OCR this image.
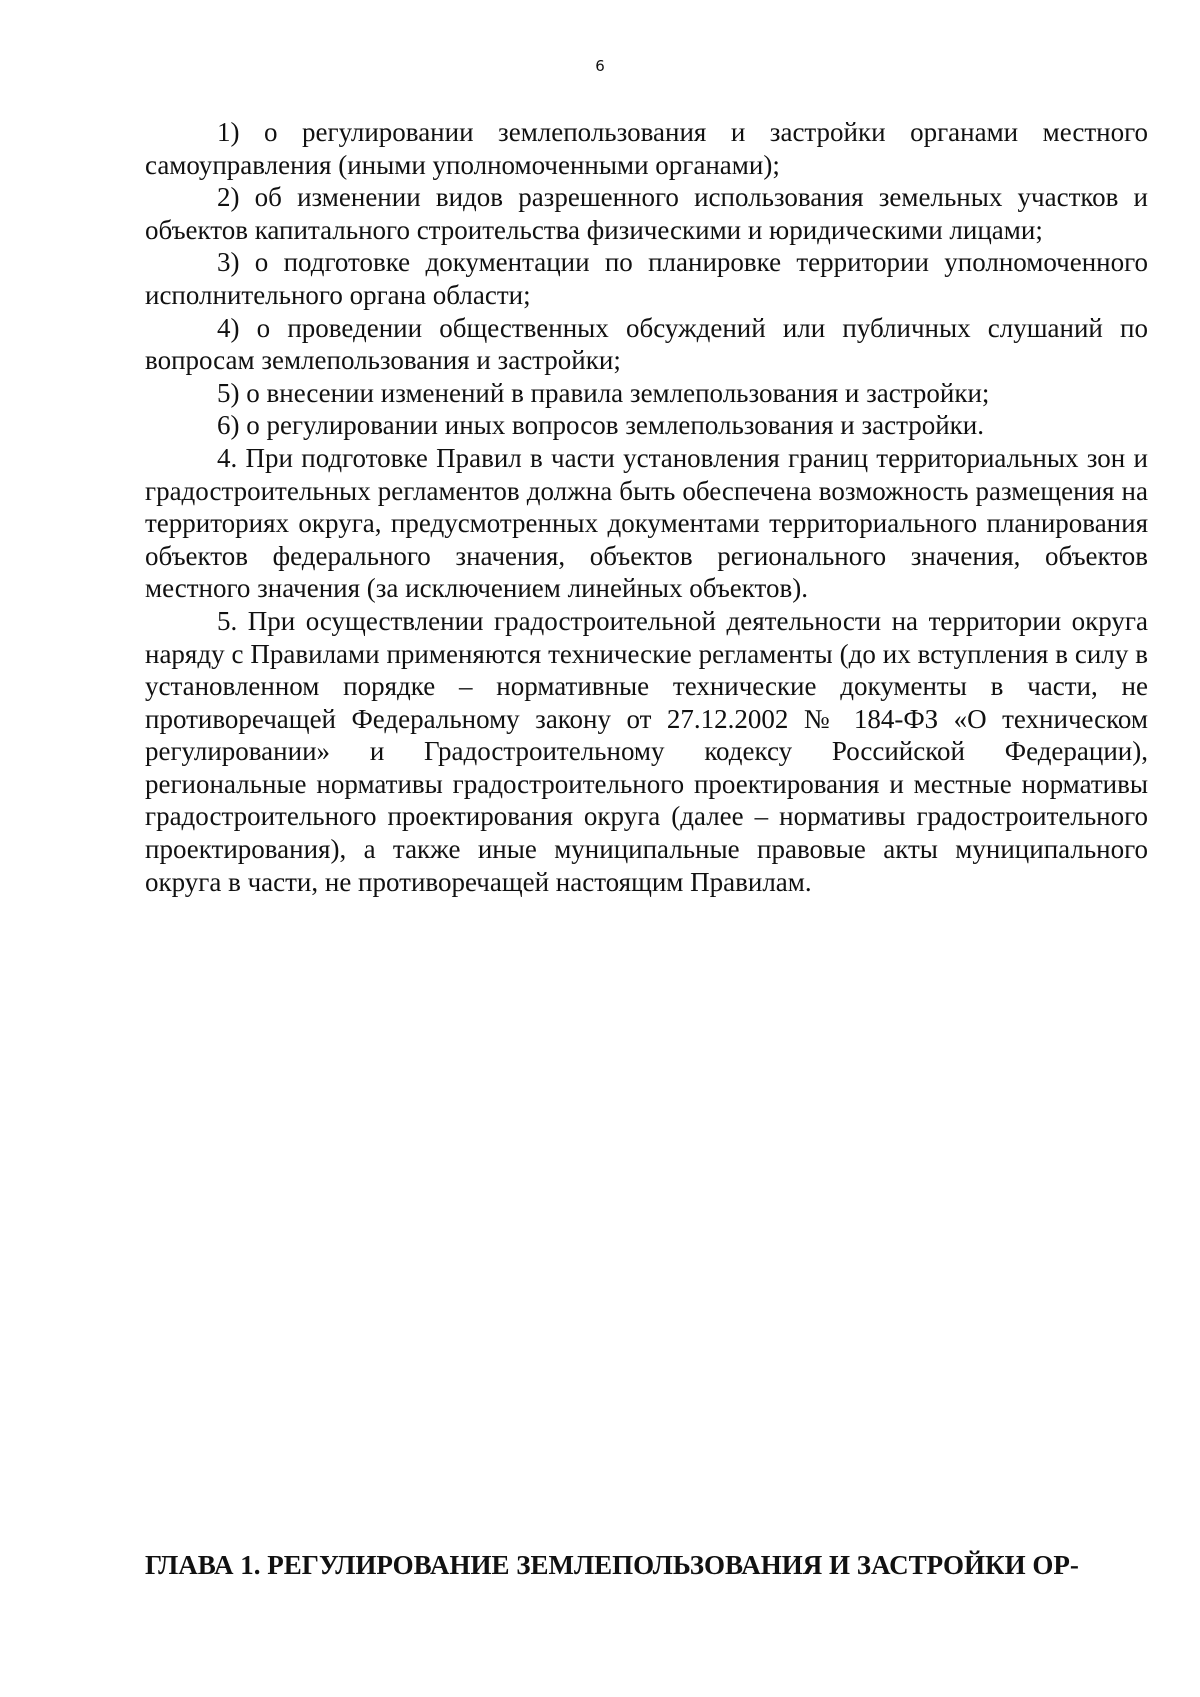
6

1) о регулировании землепользования и застройки органами местного самоуправления (иными уполномоченными органами);

2) об изменении видов разрешенного использования земельных участков и объектов капитального строительства физическими и юридическими лицами;

3) о подготовке документации по планировке территории уполномоченного исполнительного органа области;

4) о проведении общественных обсуждений или публичных слушаний по вопросам землепользования и застройки;

5) о внесении изменений в правила землепользования и застройки;

6) о регулировании иных вопросов землепользования и застройки.

4. При подготовке Правил в части установления границ территориальных зон и градостроительных регламентов должна быть обеспечена возможность размещения на территориях округа, предусмотренных документами территориального планирования объектов федерального значения, объектов регионального значения, объектов местного значения (за исключением линейных объектов).

5. При осуществлении градостроительной деятельности на территории округа наряду с Правилами применяются технические регламенты (до их вступления в силу в установленном порядке – нормативные технические документы в части, не противоречащей Федеральному закону от 27.12.2002 № 184-ФЗ «О техническом регулировании» и Градостроительному кодексу Российской Федерации), региональные нормативы градостроительного проектирования и местные нормативы градостроительного проектирования округа (далее – нормативы градостроительного проектирования), а также иные муниципальные правовые акты муниципального округа в части, не противоречащей настоящим Правилам.

ГЛАВА 1. РЕГУЛИРОВАНИЕ ЗЕМЛЕПОЛЬЗОВАНИЯ И ЗАСТРОЙКИ ОР-
